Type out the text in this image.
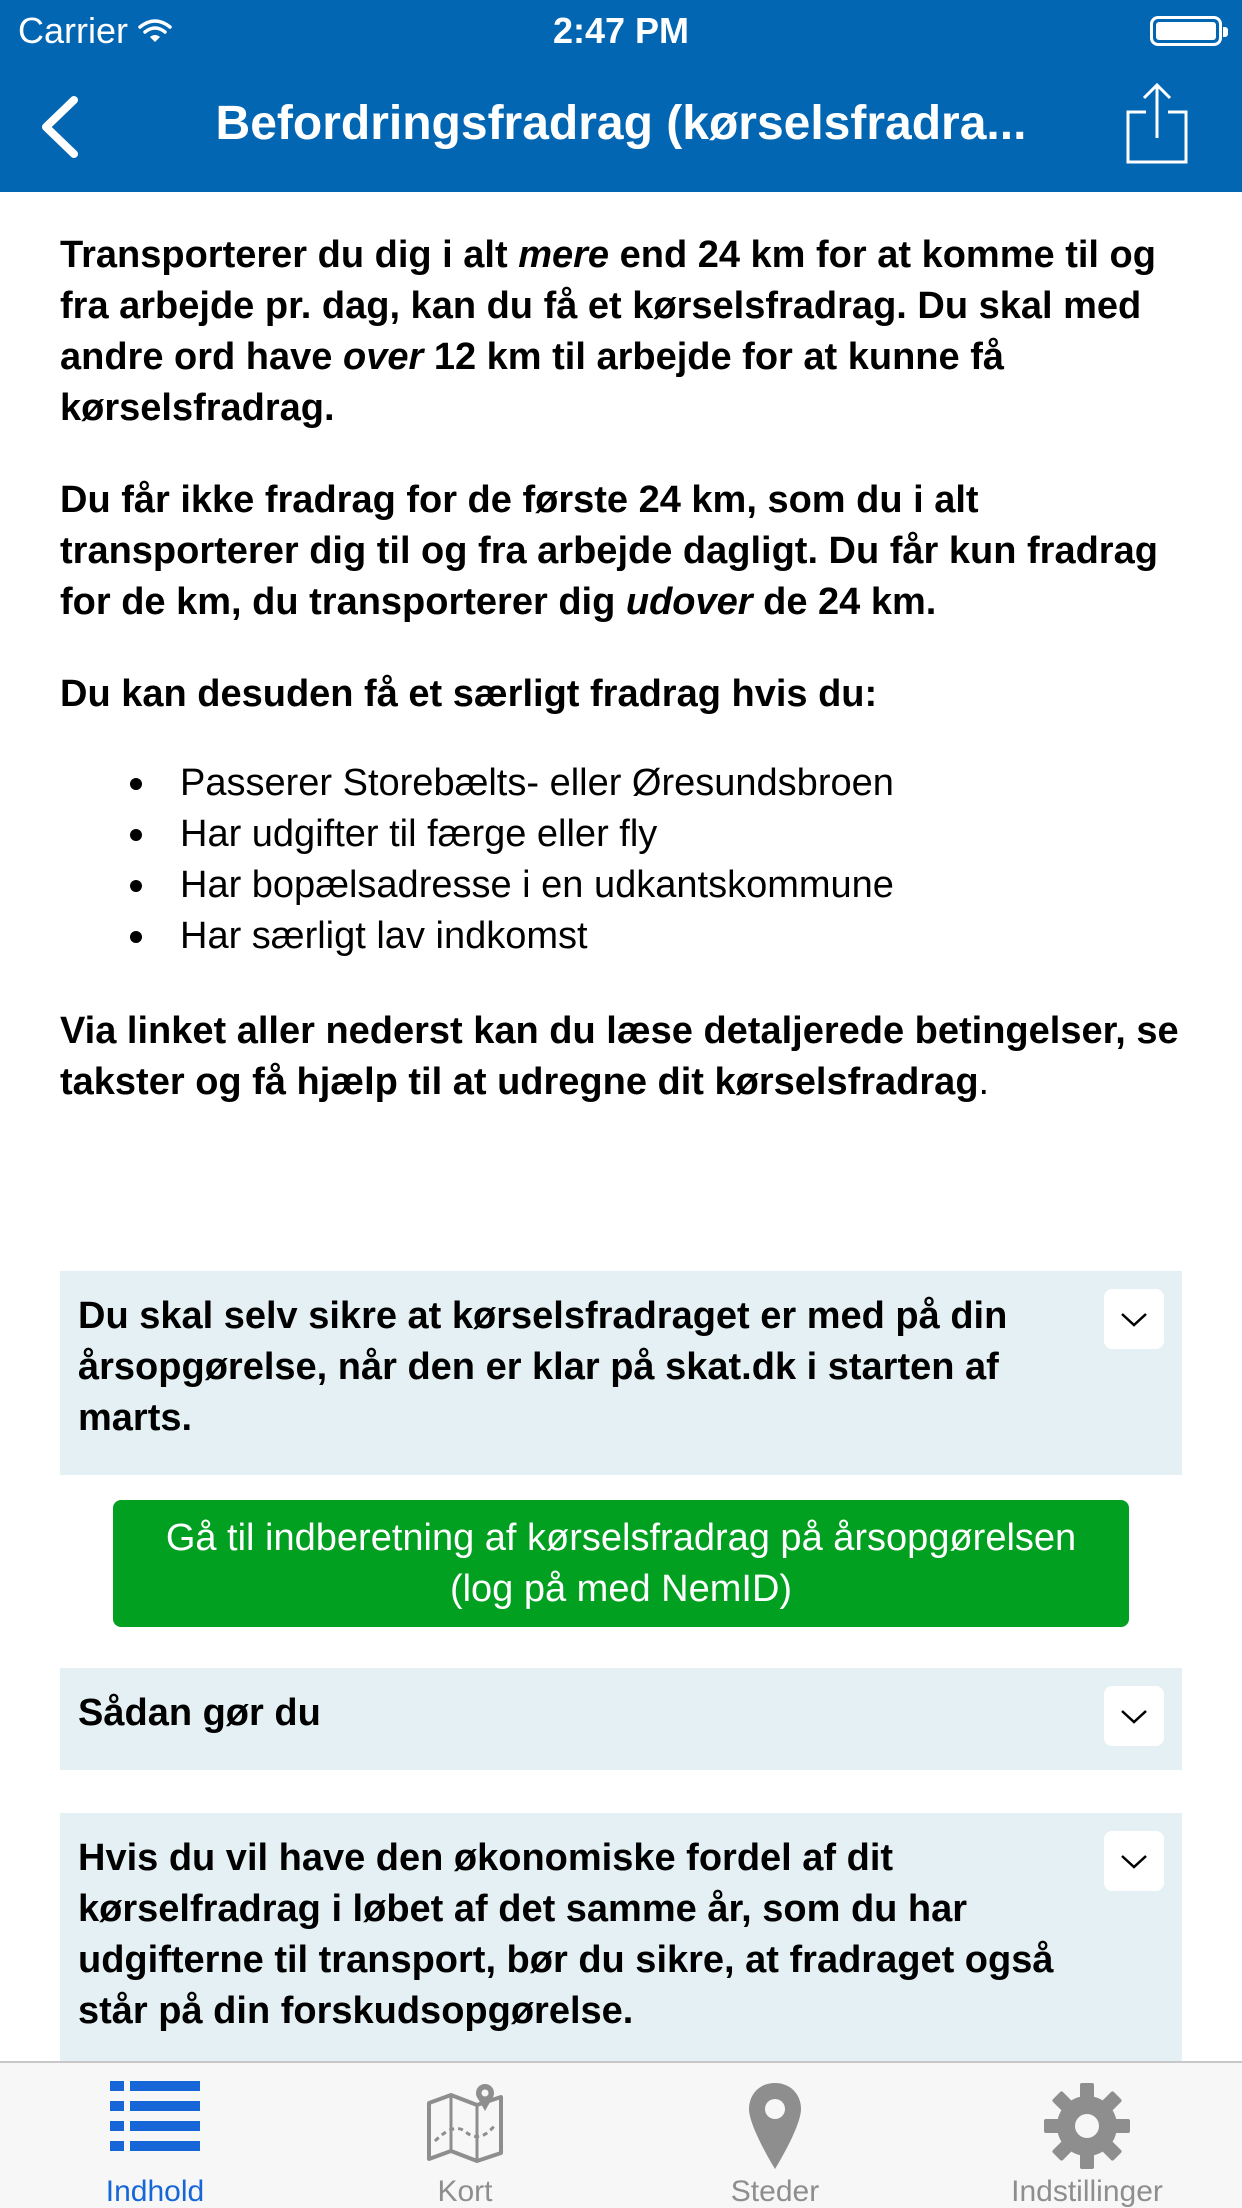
Carrier	2:47 PM
Befordringsfradrag (kørselsfradra...

Transporterer du dig i alt mere end 24 km for at komme til og fra arbejde pr. dag, kan du få et kørselsfradrag. Du skal med andre ord have over 12 km til arbejde for at kunne få kørselsfradrag.

Du får ikke fradrag for de første 24 km, som du i alt transporterer dig til og fra arbejde dagligt. Du får kun fradrag for de km, du transporterer dig udover de 24 km.

Du kan desuden få et særligt fradrag hvis du:

Passerer Storebælts- eller Øresundsbroen
Har udgifter til færge eller fly
Har bopælsadresse i en udkantskommune
Har særligt lav indkomst

Via linket aller nederst kan du læse detaljerede betingelser, se takster og få hjælp til at udregne dit kørselsfradrag.

Du skal selv sikre at kørselsfradraget er med på din årsopgørelse, når den er klar på skat.dk i starten af marts.
Gå til indberetning af kørselsfradrag på årsopgørelsen (log på med NemID)
Sådan gør du
Hvis du vil have den økonomiske fordel af dit kørselfradrag i løbet af det samme år, som du har udgifterne til transport, bør du sikre, at fradraget også står på din forskudsopgørelse.
Indhold	Kort	Steder	Indstillinger
